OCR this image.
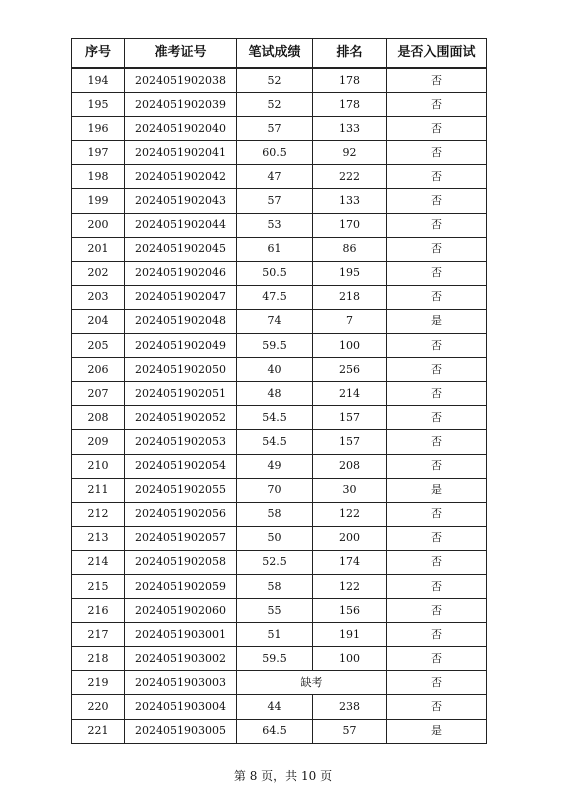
序号	准考证号	笔试成绩	排名	是否入围面试
194	2024051902038	52	178	否
195	2024051902039	52	178	否
196	2024051902040	57	133	否
197	2024051902041	60.5	92	否
198	2024051902042	47	222	否
199	2024051902043	57	133	否
200	2024051902044	53	170	否
201	2024051902045	61	86	否
202	2024051902046	50.5	195	否
203	2024051902047	47.5	218	否
204	2024051902048	74	7	是
205	2024051902049	59.5	100	否
206	2024051902050	40	256	否
207	2024051902051	48	214	否
208	2024051902052	54.5	157	否
209	2024051902053	54.5	157	否
210	2024051902054	49	208	否
211	2024051902055	70	30	是
212	2024051902056	58	122	否
213	2024051902057	50	200	否
214	2024051902058	52.5	174	否
215	2024051902059	58	122	否
216	2024051902060	55	156	否
217	2024051903001	51	191	否
218	2024051903002	59.5	100	否
219	2024051903003	缺考		否
220	2024051903004	44	238	否
221	2024051903005	64.5	57	是
第 8 页，共 10 页
